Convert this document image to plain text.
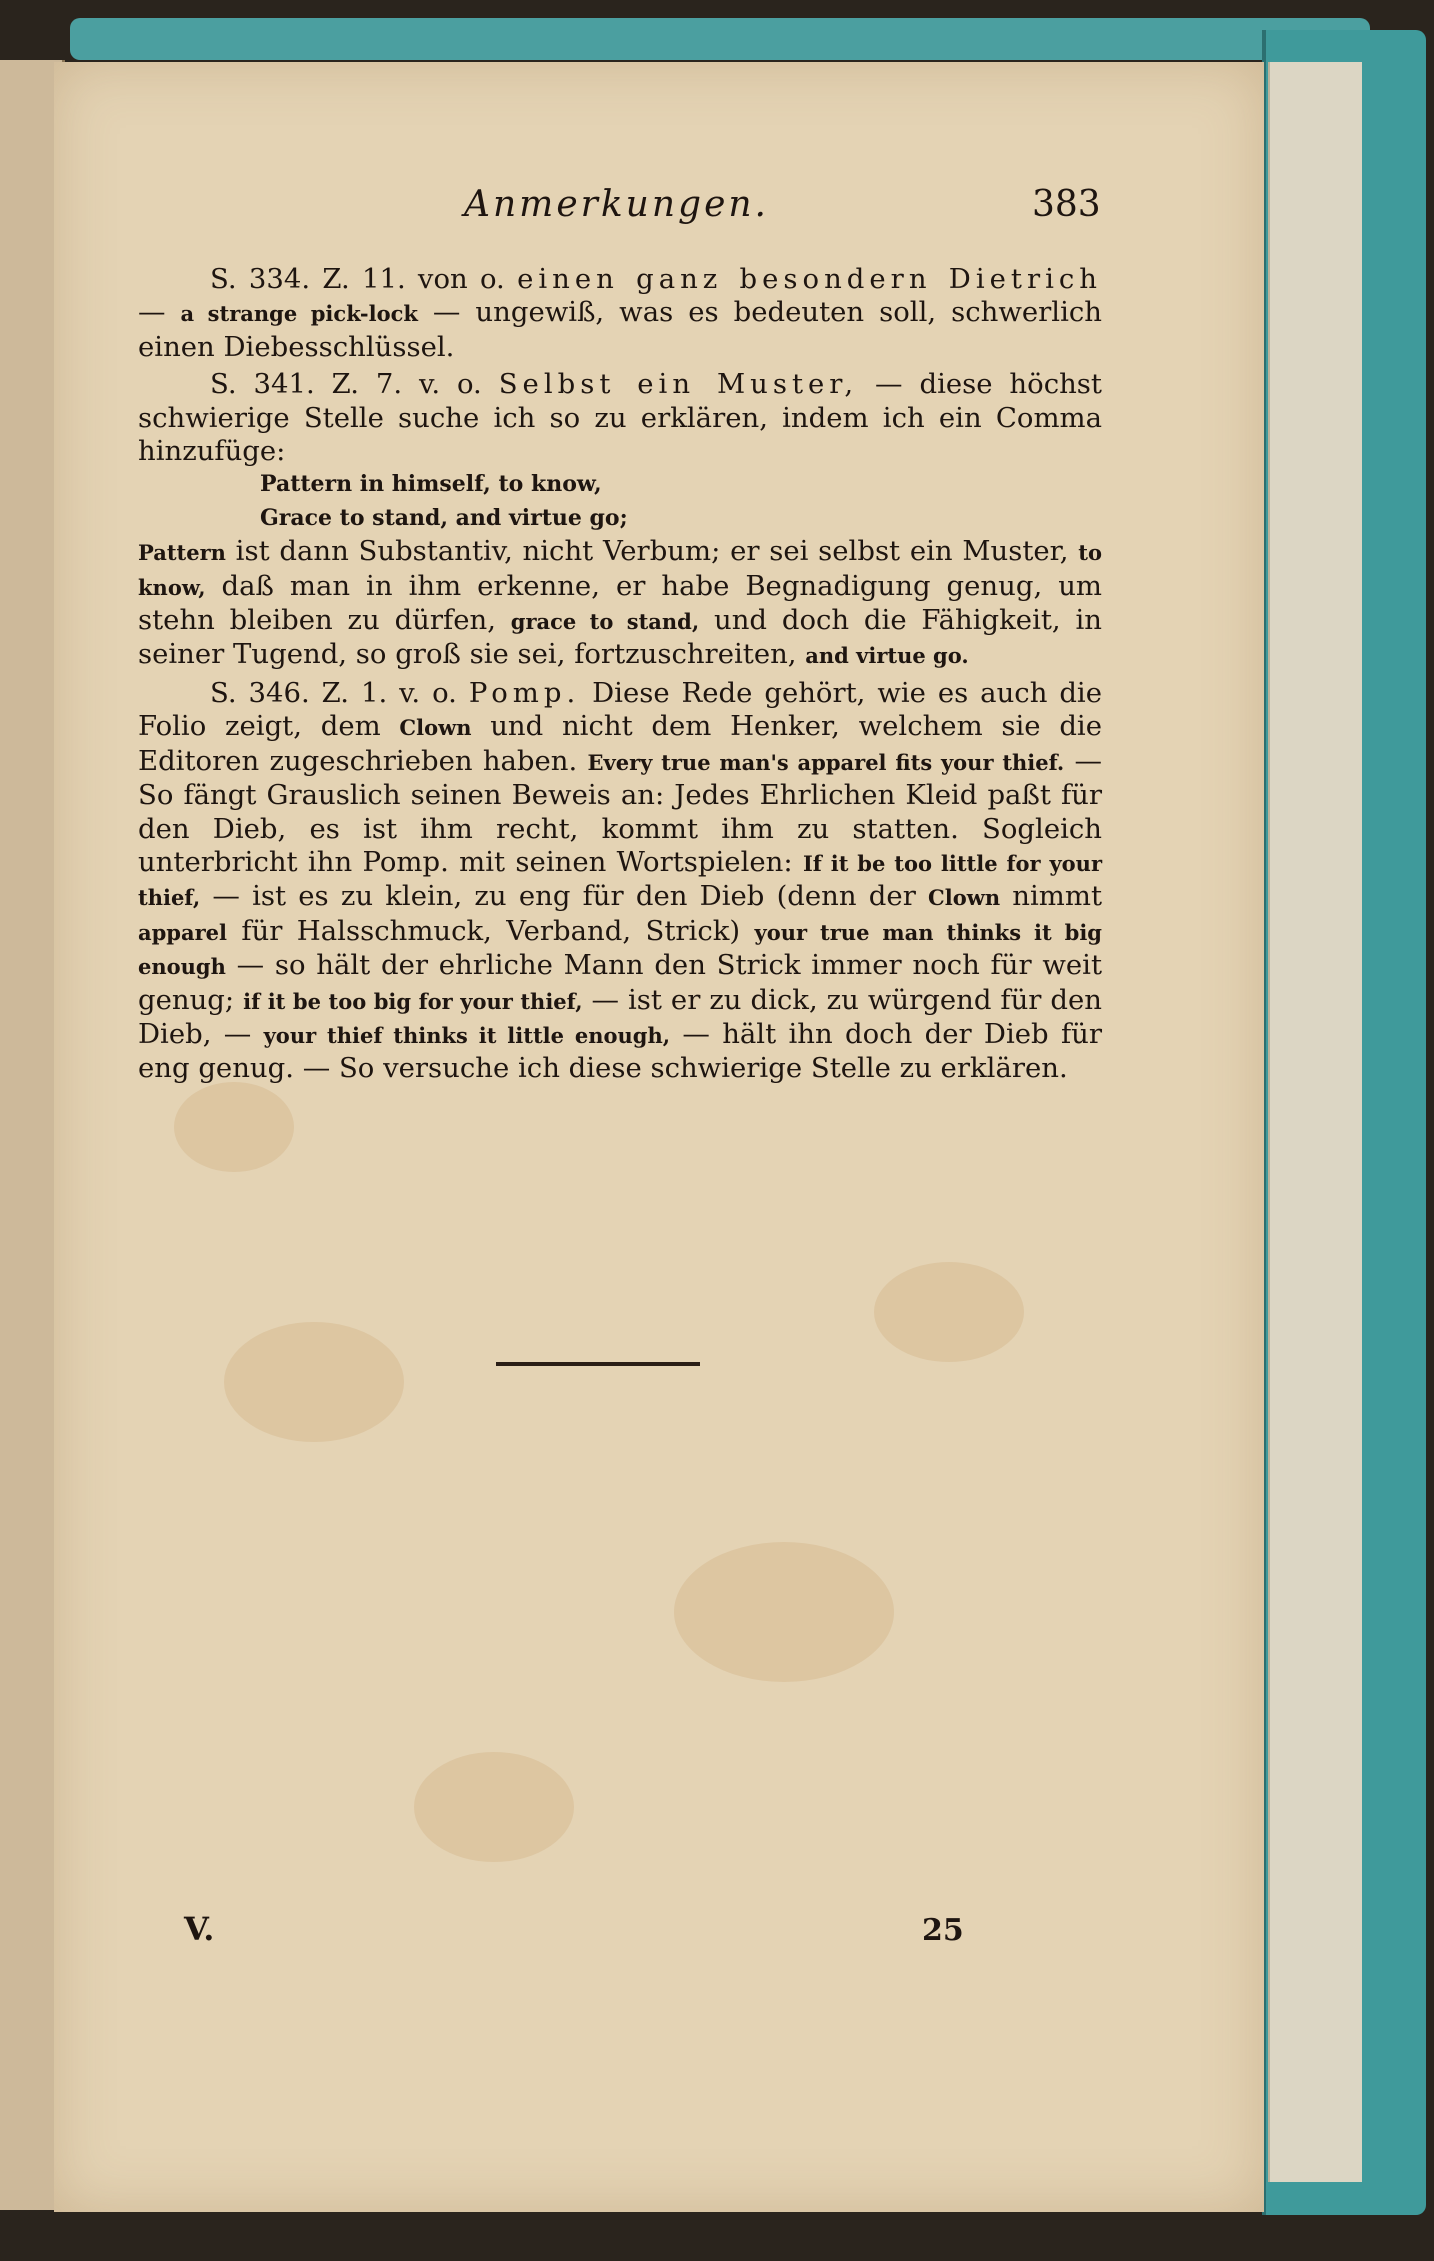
Anmerkungen.	383

S. 334. Z. 11. von o. einen ganz besondern Dietrich — a strange pick-lock — ungewiß, was es bedeuten soll, schwerlich einen Diebesschlüssel.

S. 341. Z. 7. v. o. Selbst ein Muster, — diese höchst schwierige Stelle suche ich so zu erklären, indem ich ein Comma hinzufüge:

Pattern in himself, to know,

Grace to stand, and virtue go;

Pattern ist dann Substantiv, nicht Verbum; er sei selbst ein Muster, to know, daß man in ihm erkenne, er habe Begnadigung genug, um stehn bleiben zu dürfen, grace to stand, und doch die Fähigkeit, in seiner Tugend, so groß sie sei, fortzuschreiten, and virtue go.

S. 346. Z. 1. v. o. Pomp. Diese Rede gehört, wie es auch die Folio zeigt, dem Clown und nicht dem Henker, welchem sie die Editoren zugeschrieben haben. Every true man's apparel fits your thief. — So fängt Grauslich seinen Beweis an: Jedes Ehrlichen Kleid paßt für den Dieb, es ist ihm recht, kommt ihm zu statten. Sogleich unterbricht ihn Pomp. mit seinen Wortspielen: If it be too little for your thief, — ist es zu klein, zu eng für den Dieb (denn der Clown nimmt apparel für Halsschmuck, Verband, Strick) your true man thinks it big enough — so hält der ehrliche Mann den Strick immer noch für weit genug; if it be too big for your thief, — ist er zu dick, zu würgend für den Dieb, — your thief thinks it little enough, — hält ihn doch der Dieb für eng genug. — So versuche ich diese schwierige Stelle zu erklären.

V.	25
